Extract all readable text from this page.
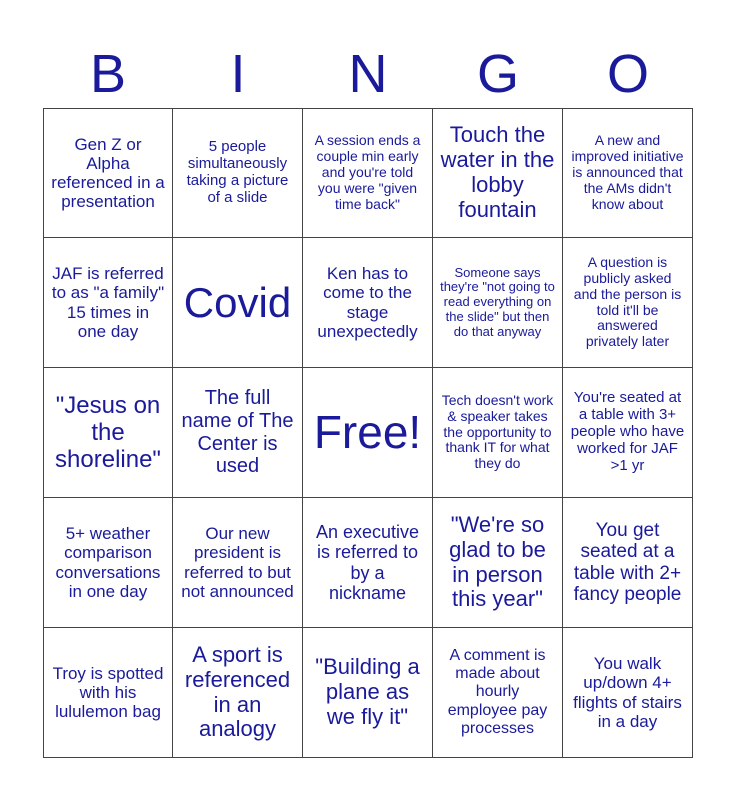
B	I	N	G	O
Gen Z or Alpha referenced in a presentation
5 people simultaneously taking a picture of a slide
A session ends a couple min early and you're told you were "given time back"
Touch the water in the lobby fountain
A new and improved initiative is announced that the AMs didn't know about
JAF is referred to as "a family" 15 times in one day
Covid
Ken has to come to the stage unexpectedly
Someone says they're "not going to read everything on the slide" but then do that anyway
A question is publicly asked and the person is told it'll be answered privately later
"Jesus on the shoreline"
The full name of The Center is used
Free!
Tech doesn't work & speaker takes the opportunity to thank IT for what they do
You're seated at a table with 3+ people who have worked for JAF >1 yr
5+ weather comparison conversations in one day
Our new president is referred to but not announced
An executive is referred to by a nickname
"We're so glad to be in person this year"
You get seated at a table with 2+ fancy people
Troy is spotted with his lululemon bag
A sport is referenced in an analogy
"Building a plane as we fly it"
A comment is made about hourly employee pay processes
You walk up/down 4+ flights of stairs in a day
